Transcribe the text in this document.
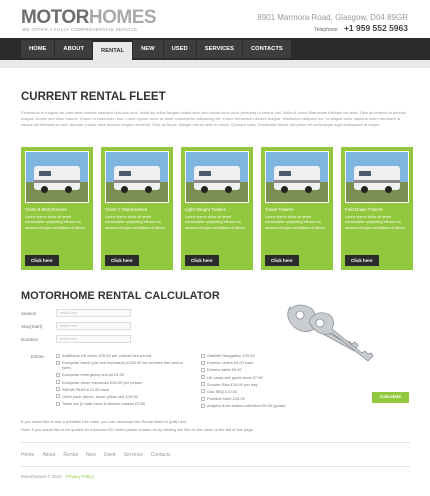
MOTORHOMES
WE OFFER A FULLY COMPREHENSIVE SERVICE
8901 Marmora Road, Glasgow, D04 89GR
Telephone: +1 959 552 5963
HOME	ABOUT	RENTAL	NEW	USED	SERVICES	CONTACTS
CURRENT RENTAL FLEET
Fenebibus et magnis dis parturient montes nascetur ridiculus mus. Nulla dui tellus fringilla mattis quis odio mollis nunc dolor pretiumq ut cursus nisi. Nulla ut lorem Maecenas tristique leo ante. Duis ac tempus et pretium magna. Donec sed diam mauris. Donec ut commodo mus. Lorem ipsum dolor sit amet consectetur adipiscing elit. Fusce fermentum dictum magna. Vestibulum aliquam leo. Ut aliquet dolor dapibus lorem hendrerit ut cursus elit elementum sed. Aenean cursus risus tempus magna hendrerit. Duis ac turpis. Integer rutrum ante eu lacus. Quisque nulla. Vestibulum libero nisl porta vel scelerisque eget malesuada at neque.
Class B Motorhomes
Lorem ipsum dolor sit amet consectetur adipiscing elit sed do eiusmod tempor incididunt ut labore
Click here
Class C Motorhomes
Lorem ipsum dolor sit amet consectetur adipiscing elit sed do eiusmod tempor incididunt ut labore
Click here
Light Weight Trailers
Lorem ipsum dolor sit amet consectetur adipiscing elit sed do eiusmod tempor incididunt ut labore
Click here
Travel Trailers
Lorem ipsum dolor sit amet consectetur adipiscing elit sed do eiusmod tempor incididunt ut labore
Click here
Fold Down Trailers
Lorem ipsum dolor sit amet consectetur adipiscing elit sed do eiusmod tempor incididunt ut labore
Click here
MOTORHOME RENTAL CALCULATOR
Season	select one
Stay(Start)	select one
Duration	select one
Extras	Additional UK driver £25.00 per vehicle hire period
European travel (car and insurance) £150.00 for vehicles hire period (see)
European emergency sub kit £5.00
European driver insurance £25.00 per person
SNOW PAKS £15.00 each
Linen pack (duvet, duvet pillow set) £15.50
Towel set (2 bath towel & kitchen towels) £3.50
Satellite Navigation £20.00
Exterior chairs £5.00 each
Exterior table £5.00
UK camp site guide book £7.95
Scooter Bike £18.00 per day
Gas BBQ £10.00
Portable toilet £25.00
Adaptor from station collection £0.00 (guide)
If you would like to see a printable hire rates, you can download the Rental sheet in (pdf) here.
Note: if you would like to be quoted for American RV rental please contact us by clicking the link on the menu to the left of this page.
Calculate
Home About Rental New Used Services Contacts
Motorhomes © 2012 · Privacy Policy
